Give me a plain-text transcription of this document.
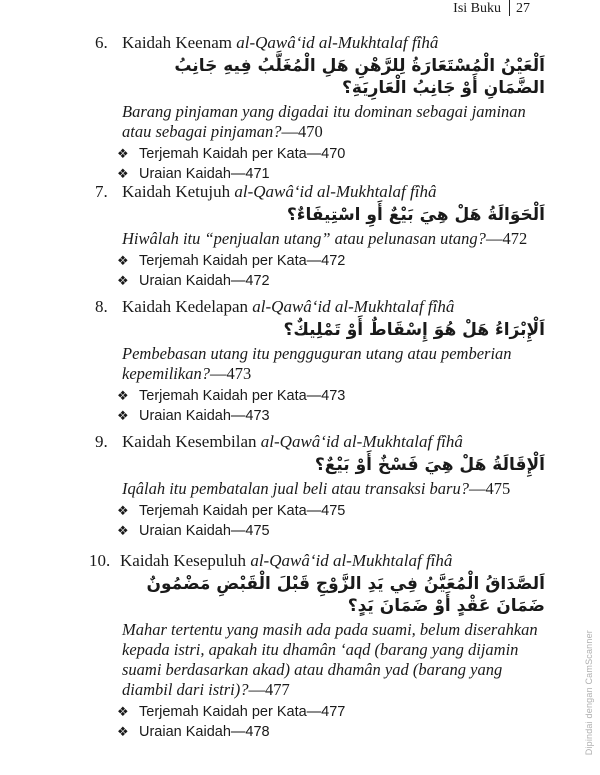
Isi Buku	27
6. Kaidah Keenam al-Qawâ‘id al-Mukhtalaf fîhâ
اَلْعَيْنُ الْمُسْتَعَارَةُ لِلرَّهْنِ هَلِ الْمُغَلَّبُ فِيهِ جَانِبُ الضَّمَانِ أَوْ جَانِبُ الْعَارِيَةِ؟
Barang pinjaman yang digadai itu dominan sebagai jaminan atau sebagai pinjaman?—470
❖ Terjemah Kaidah per Kata—470
❖ Uraian Kaidah—471
7. Kaidah Ketujuh al-Qawâ‘id al-Mukhtalaf fîhâ
اَلْحَوَالَةُ هَلْ هِيَ بَيْعٌ أَوِ اسْتِيفَاءٌ؟
Hiwâlah itu “penjualan utang” atau pelunasan utang?—472
❖ Terjemah Kaidah per Kata—472
❖ Uraian Kaidah—472
8. Kaidah Kedelapan al-Qawâ‘id al-Mukhtalaf fîhâ
اَلْإِبْرَاءُ هَلْ هُوَ إِسْقَاطٌ أَوْ تَمْلِيكٌ؟
Pembebasan utang itu pengguguran utang atau pemberian kepemilikan?—473
❖ Terjemah Kaidah per Kata—473
❖ Uraian Kaidah—473
9. Kaidah Kesembilan al-Qawâ‘id al-Mukhtalaf fîhâ
اَلْإِقَالَةُ هَلْ هِيَ فَسْخٌ أَوْ بَيْعٌ؟
Iqâlah itu pembatalan jual beli atau transaksi baru?—475
❖ Terjemah Kaidah per Kata—475
❖ Uraian Kaidah—475
10. Kaidah Kesepuluh al-Qawâ‘id al-Mukhtalaf fîhâ
اَلصَّدَاقُ الْمُعَيَّنُ فِي يَدِ الزَّوْجِ قَبْلَ الْقَبْضِ مَضْمُونٌ ضَمَانَ عَقْدٍ أَوْ ضَمَانَ يَدٍ؟
Mahar tertentu yang masih ada pada suami, belum diserahkan kepada istri, apakah itu dhamân ‘aqd (barang yang dijamin suami berdasarkan akad) atau dhamân yad (barang yang diambil dari istri)?—477
❖ Terjemah Kaidah per Kata—477
❖ Uraian Kaidah—478	Dipindai dengan CamScanner
